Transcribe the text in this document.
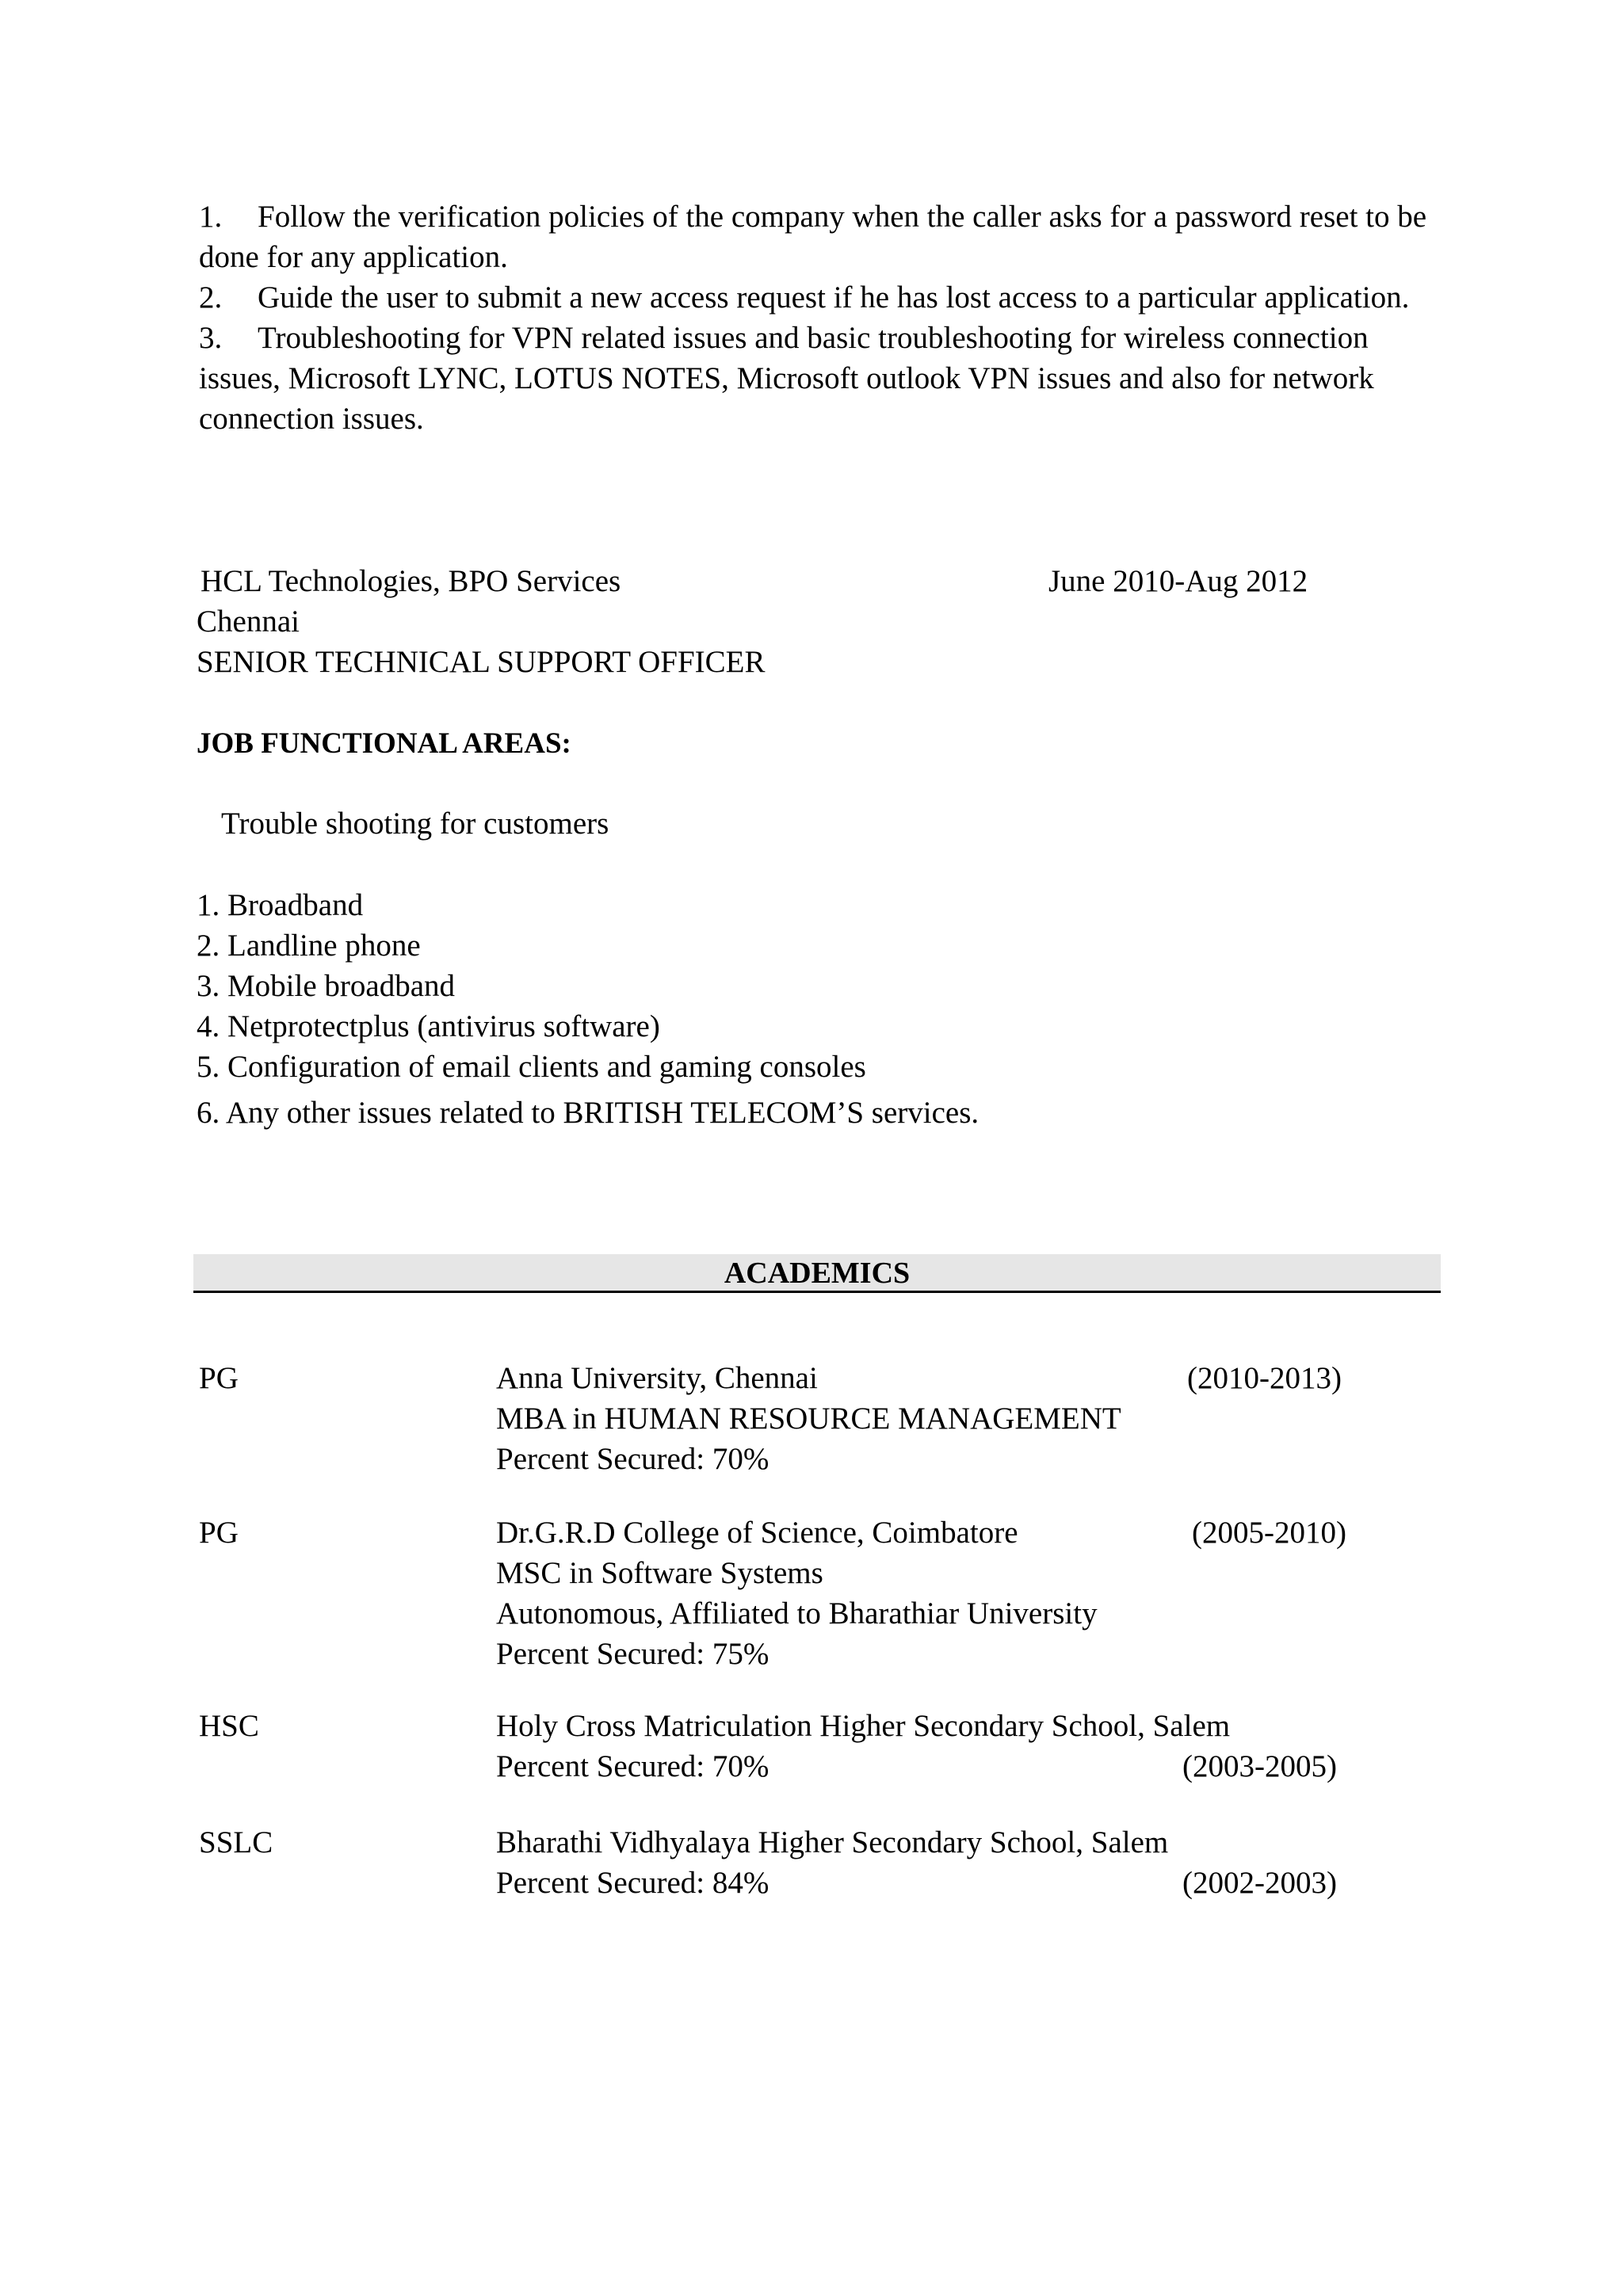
1. Follow the verification policies of the company when the caller asks for a password reset to be done for any application.

2. Guide the user to submit a new access request if he has lost access to a particular application.

3. Troubleshooting for VPN related issues and basic troubleshooting for wireless connection issues, Microsoft LYNC, LOTUS NOTES, Microsoft outlook VPN issues and also for network connection issues.

HCL Technologies, BPO Services	June 2010-Aug 2012
Chennai
SENIOR TECHNICAL SUPPORT OFFICER
JOB FUNCTIONAL AREAS:
Trouble shooting for customers
1. Broadband
2. Landline phone
3. Mobile broadband
4. Netprotectplus (antivirus software)
5. Configuration of email clients and gaming consoles
6. Any other issues related to BRITISH TELECOM’S services.
ACADEMICS
PG	Anna University, Chennai
MBA in HUMAN RESOURCE MANAGEMENT
Percent Secured: 70%
(2010-2013)
PG	Dr.G.R.D College of Science, Coimbatore
MSC in Software Systems
Autonomous, Affiliated to Bharathiar University
Percent Secured: 75%
(2005-2010)
HSC	Holy Cross Matriculation Higher Secondary School, Salem
Percent Secured: 70%	(2003-2005)
SSLC	Bharathi Vidhyalaya Higher Secondary School, Salem
Percent Secured: 84%	(2002-2003)
